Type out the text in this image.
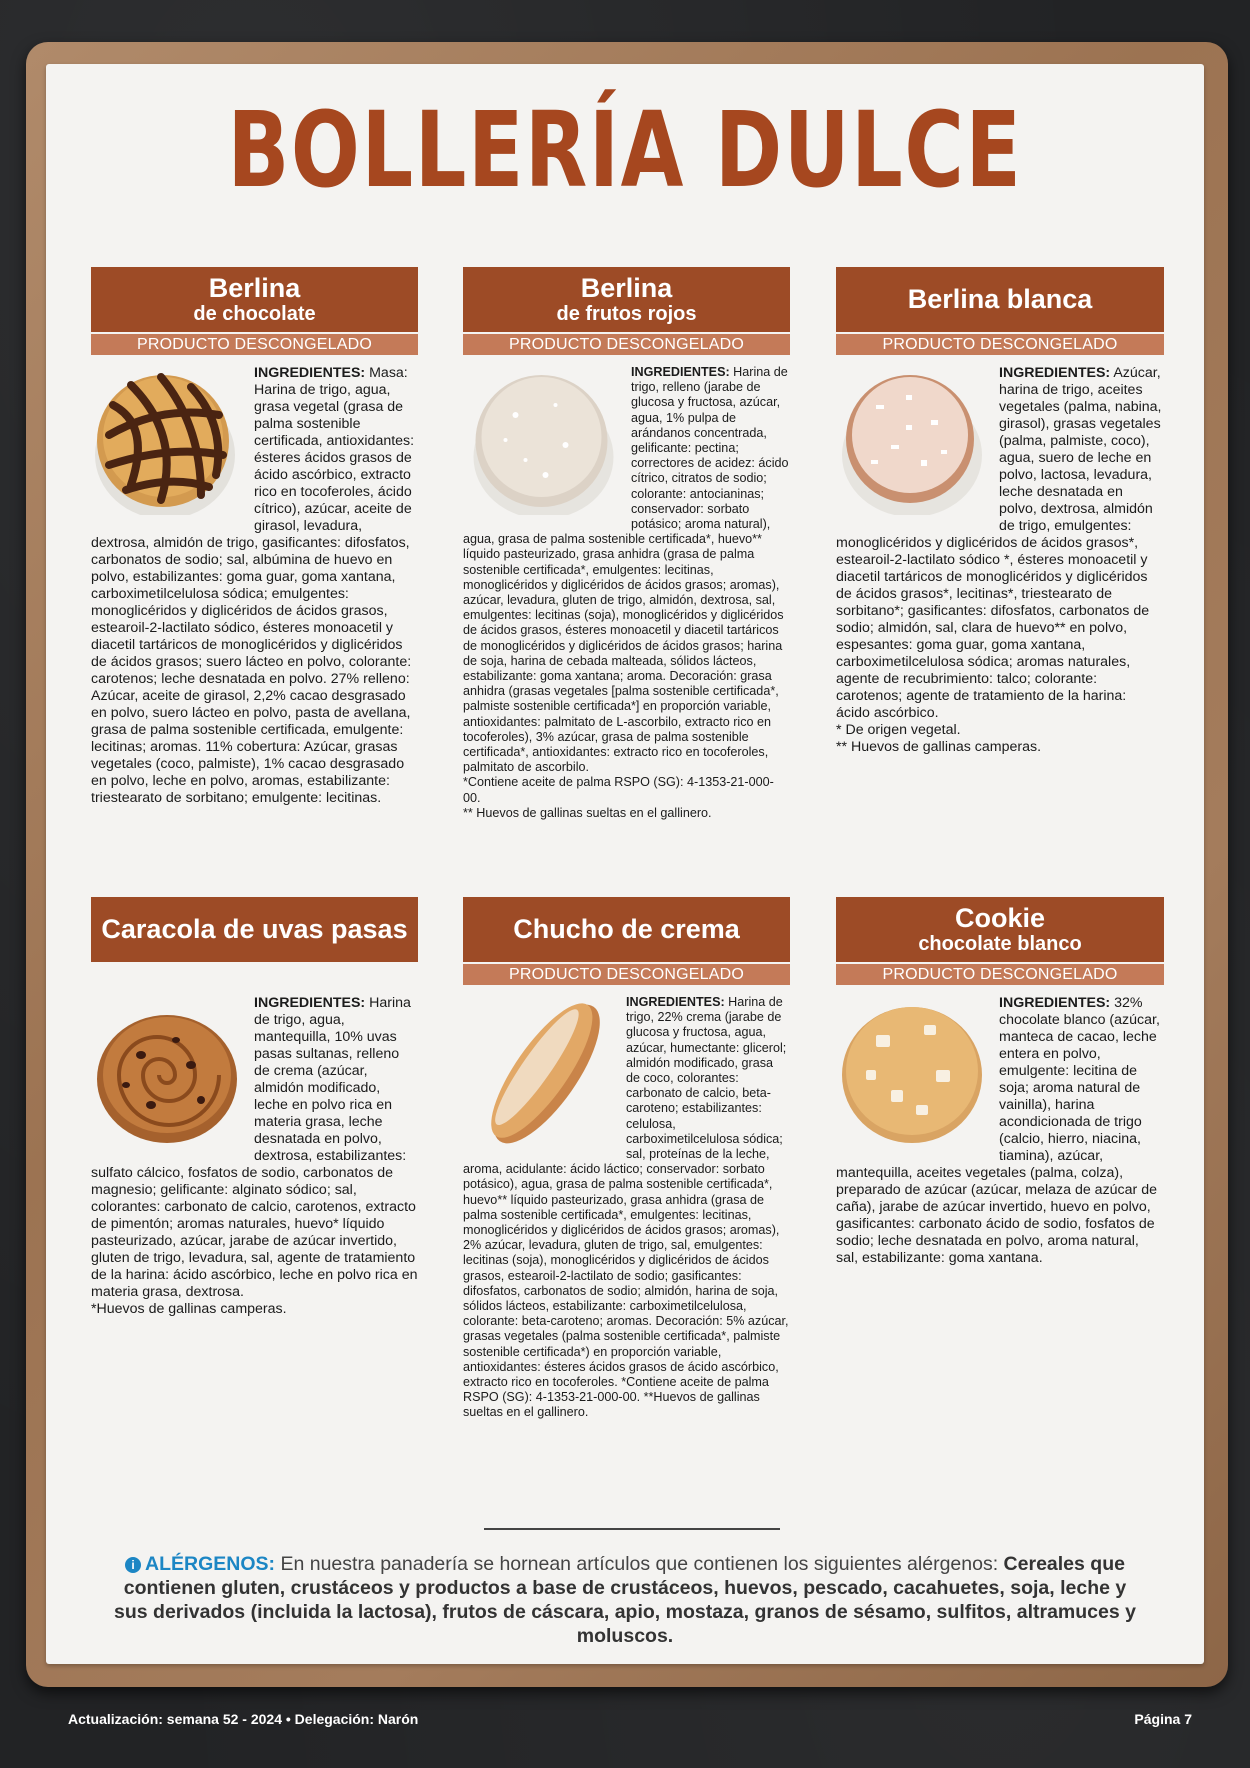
BOLLERÍA DULCE
Berlina
de chocolate
PRODUCTO DESCONGELADO
INGREDIENTES: Masa: Harina de trigo, agua, grasa vegetal (grasa de palma sostenible certificada, antioxidantes: ésteres ácidos grasos de ácido ascórbico, extracto rico en tocoferoles, ácido cítrico), azúcar, aceite de girasol, levadura, dextrosa, almidón de trigo, gasificantes: difosfatos, carbonatos de sodio; sal, albúmina de huevo en polvo, estabilizantes: goma guar, goma xantana, carboximetilcelulosa sódica; emulgentes: monoglicéridos y diglicéridos de ácidos grasos, estearoil-2-lactilato sódico, ésteres monoacetil y diacetil tartáricos de monoglicéridos y diglicéridos de ácidos grasos; suero lácteo en polvo, colorante: carotenos; leche desnatada en polvo. 27% relleno: Azúcar, aceite de girasol, 2,2% cacao desgrasado en polvo, suero lácteo en polvo, pasta de avellana, grasa de palma sostenible certificada, emulgente: lecitinas; aromas. 11% cobertura: Azúcar, grasas vegetales (coco, palmiste), 1% cacao desgrasado en polvo, leche en polvo, aromas, estabilizante: triestearato de sorbitano; emulgente: lecitinas.
Berlina
de frutos rojos
PRODUCTO DESCONGELADO
INGREDIENTES: Harina de trigo, relleno (jarabe de glucosa y fructosa, azúcar, agua, 1% pulpa de arándanos concentrada, gelificante: pectina; correctores de acidez: ácido cítrico, citratos de sodio; colorante: antocianinas; conservador: sorbato potásico; aroma natural), agua, grasa de palma sostenible certificada*, huevo** líquido pasteurizado, grasa anhidra (grasa de palma sostenible certificada*, emulgentes: lecitinas, monoglicéridos y diglicéridos de ácidos grasos; aromas), azúcar, levadura, gluten de trigo, almidón, dextrosa, sal, emulgentes: lecitinas (soja), monoglicéridos y diglicéridos de ácidos grasos, ésteres monoacetil y diacetil tartáricos de monoglicéridos y diglicéridos de ácidos grasos; harina de soja, harina de cebada malteada, sólidos lácteos, estabilizante: goma xantana; aroma. Decoración: grasa anhidra (grasas vegetales [palma sostenible certificada*, palmiste sostenible certificada*] en proporción variable, antioxidantes: palmitato de L-ascorbilo, extracto rico en tocoferoles), 3% azúcar, grasa de palma sostenible certificada*, antioxidantes: extracto rico en tocoferoles, palmitato de ascorbilo.
*Contiene aceite de palma RSPO (SG): 4-1353-21-000-00.
** Huevos de gallinas sueltas en el gallinero.
Berlina blanca
PRODUCTO DESCONGELADO
INGREDIENTES: Azúcar, harina de trigo, aceites vegetales (palma, nabina, girasol), grasas vegetales (palma, palmiste, coco), agua, suero de leche en polvo, lactosa, levadura, leche desnatada en polvo, dextrosa, almidón de trigo, emulgentes: monoglicéridos y diglicéridos de ácidos grasos*, estearoil-2-lactilato sódico *, ésteres monoacetil y diacetil tartáricos de monoglicéridos y diglicéridos de ácidos grasos*, lecitinas*, triestearato de sorbitano*; gasificantes: difosfatos, carbonatos de sodio; almidón, sal, clara de huevo** en polvo, espesantes: goma guar, goma xantana, carboximetilcelulosa sódica; aromas naturales, agente de recubrimiento: talco; colorante: carotenos; agente de tratamiento de la harina: ácido ascórbico.
* De origen vegetal.
** Huevos de gallinas camperas.
Caracola de uvas pasas
INGREDIENTES: Harina de trigo, agua, mantequilla, 10% uvas pasas sultanas, relleno de crema (azúcar, almidón modificado, leche en polvo rica en materia grasa, leche desnatada en polvo, dextrosa, estabilizantes: sulfato cálcico, fosfatos de sodio, carbonatos de magnesio; gelificante: alginato sódico; sal, colorantes: carbonato de calcio, carotenos, extracto de pimentón; aromas naturales, huevo* líquido pasteurizado, azúcar, jarabe de azúcar invertido, gluten de trigo, levadura, sal, agente de tratamiento de la harina: ácido ascórbico, leche en polvo rica en materia grasa, dextrosa.
*Huevos de gallinas camperas.
Chucho de crema
PRODUCTO DESCONGELADO
INGREDIENTES: Harina de trigo, 22% crema (jarabe de glucosa y fructosa, agua, azúcar, humectante: glicerol; almidón modificado, grasa de coco, colorantes: carbonato de calcio, beta-caroteno; estabilizantes: celulosa, carboximetilcelulosa sódica; sal, proteínas de la leche, aroma, acidulante: ácido láctico; conservador: sorbato potásico), agua, grasa de palma sostenible certificada*, huevo** líquido pasteurizado, grasa anhidra (grasa de palma sostenible certificada*, emulgentes: lecitinas, monoglicéridos y diglicéridos de ácidos grasos; aromas), 2% azúcar, levadura, gluten de trigo, sal, emulgentes: lecitinas (soja), monoglicéridos y diglicéridos de ácidos grasos, estearoil-2-lactilato de sodio; gasificantes: difosfatos, carbonatos de sodio; almidón, harina de soja, sólidos lácteos, estabilizante: carboximetilcelulosa, colorante: beta-caroteno; aromas. Decoración: 5% azúcar, grasas vegetales (palma sostenible certificada*, palmiste sostenible certificada*) en proporción variable, antioxidantes: ésteres ácidos grasos de ácido ascórbico, extracto rico en tocoferoles. *Contiene aceite de palma RSPO (SG): 4-1353-21-000-00. **Huevos de gallinas sueltas en el gallinero.
Cookie
chocolate blanco
PRODUCTO DESCONGELADO
INGREDIENTES: 32% chocolate blanco (azúcar, manteca de cacao, leche entera en polvo, emulgente: lecitina de soja; aroma natural de vainilla), harina acondicionada de trigo (calcio, hierro, niacina, tiamina), azúcar, mantequilla, aceites vegetales (palma, colza), preparado de azúcar (azúcar, melaza de azúcar de caña), jarabe de azúcar invertido, huevo en polvo, gasificantes: carbonato ácido de sodio, fosfatos de sodio; leche desnatada en polvo, aroma natural, sal, estabilizante: goma xantana.
i ALÉRGENOS: En nuestra panadería se hornean artículos que contienen los siguientes alérgenos: Cereales que contienen gluten, crustáceos y productos a base de crustáceos, huevos, pescado, cacahuetes, soja, leche y sus derivados (incluida la lactosa), frutos de cáscara, apio, mostaza, granos de sésamo, sulfitos, altramuces y moluscos.
Actualización: semana 52 - 2024 • Delegación: Narón	Página 7
